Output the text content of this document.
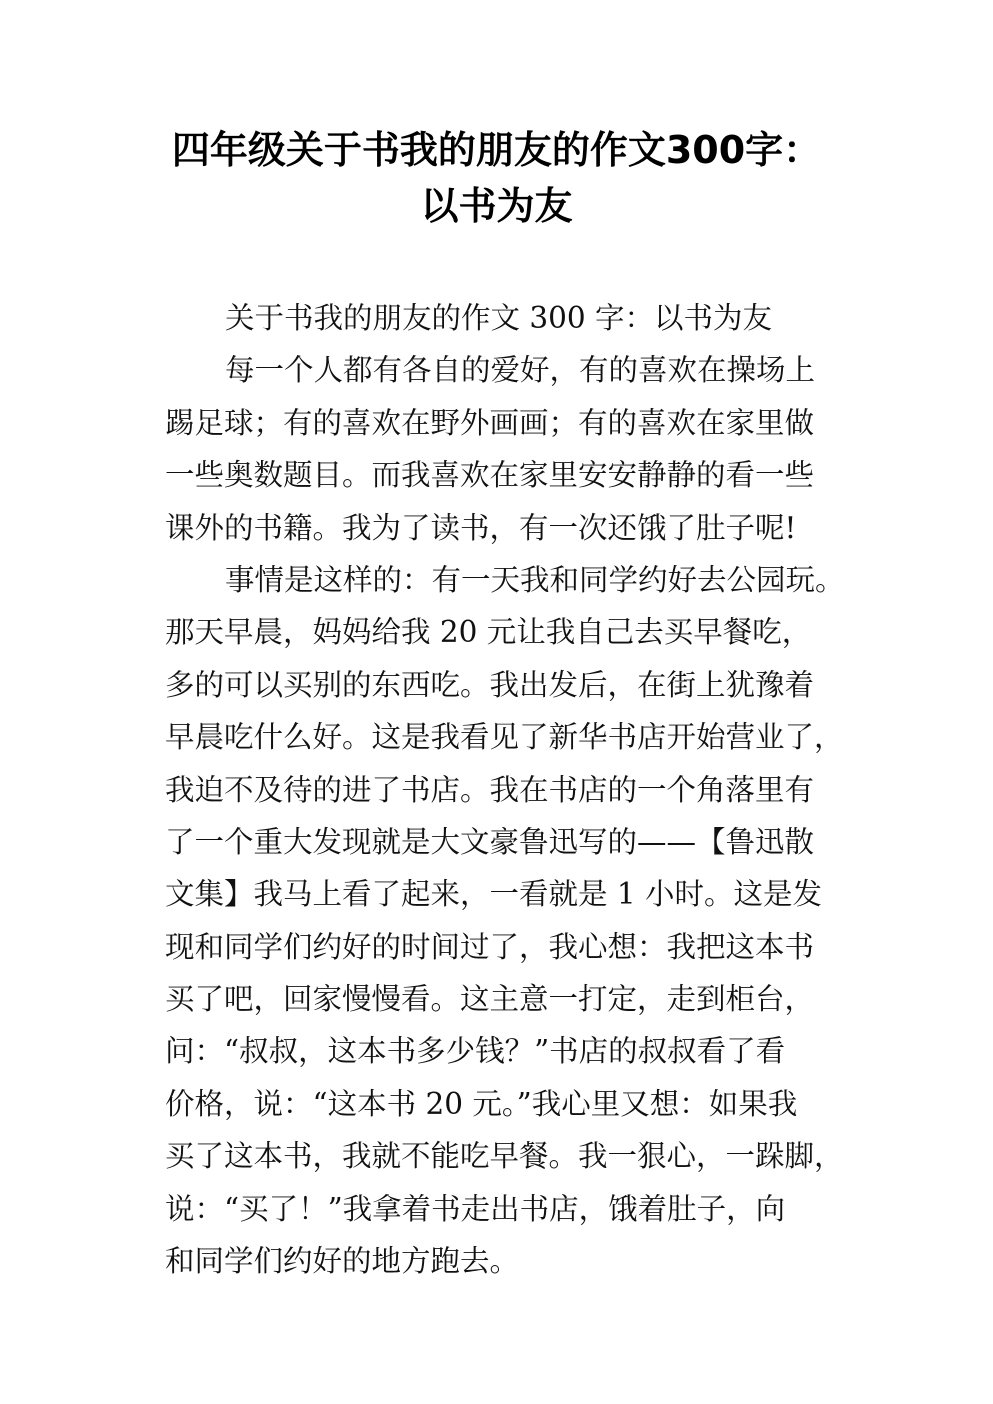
四年级关于书我的朋友的作文300字：
以书为友
关于书我的朋友的作文 300 字：以书为友
每一个人都有各自的爱好，有的喜欢在操场上
踢足球；有的喜欢在野外画画；有的喜欢在家里做
一些奥数题目。而我喜欢在家里安安静静的看一些
课外的书籍。我为了读书，有一次还饿了肚子呢!
事情是这样的：有一天我和同学约好去公园玩。
那天早晨，妈妈给我 20 元让我自己去买早餐吃，
多的可以买别的东西吃。我出发后，在街上犹豫着
早晨吃什么好。这是我看见了新华书店开始营业了，
我迫不及待的进了书店。我在书店的一个角落里有
了一个重大发现就是大文豪鲁迅写的——【鲁迅散
文集】我马上看了起来，一看就是 1 小时。这是发
现和同学们约好的时间过了，我心想：我把这本书
买了吧，回家慢慢看。这主意一打定，走到柜台，
问：“叔叔，这本书多少钱？”书店的叔叔看了看
价格，说：“这本书 20 元。”我心里又想：如果我
买了这本书，我就不能吃早餐。我一狠心，一跺脚，
说：“买了！”我拿着书走出书店，饿着肚子，向
和同学们约好的地方跑去。
